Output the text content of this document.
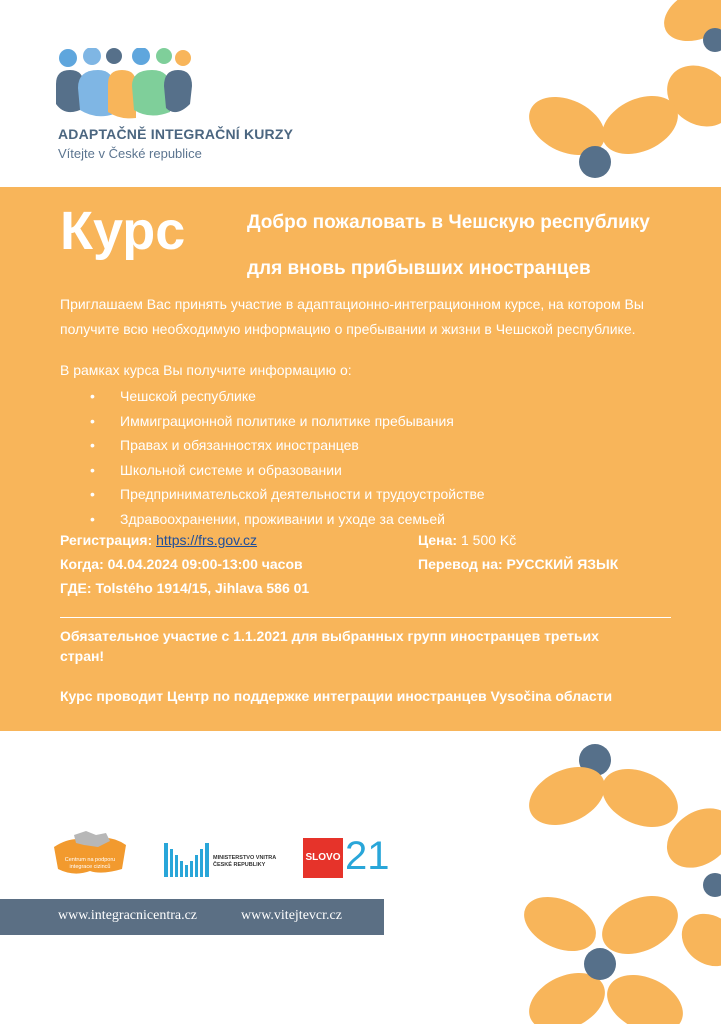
ADAPTAČNĚ INTEGRAČNÍ KURZY
Vítejte v České republice
Курс	Добро пожаловать в Чешскую республику
для вновь прибывших иностранцев
Приглашаем Вас принять участие в адаптационно-интеграционном курсе, на котором Вы получите всю необходимую информацию о пребывании и жизни в Чешской республике.
В рамках курса Вы получите информацию о:
• Чешской республике
• Иммиграционной политике и политике пребывания
• Правах и обязанностях иностранцев
• Школьной системе и образовании
• Предпринимательской деятельности и трудоустройстве
• Здравоохранении, проживании и уходе за семьей
Регистрация: https://frs.gov.cz	Цена: 1 500 Kč
Когда: 04.04.2024 09:00-13:00 часов	Перевод на: РУССКИЙ ЯЗЫК
ГДЕ: Tolstého 1914/15, Jihlava 586 01
Обязательное участие с 1.1.2021 для выбранных групп иностранцев третьих стран!
Курс проводит Центр по поддержке интеграции иностранцев Vysočina области
Centrum na podporu
integrace cizinců
MINISTERSTVO VNITRA
ČESKÉ REPUBLIKY
SLOVO 21
www.integracnicentra.cz	www.vitejtevcr.cz
